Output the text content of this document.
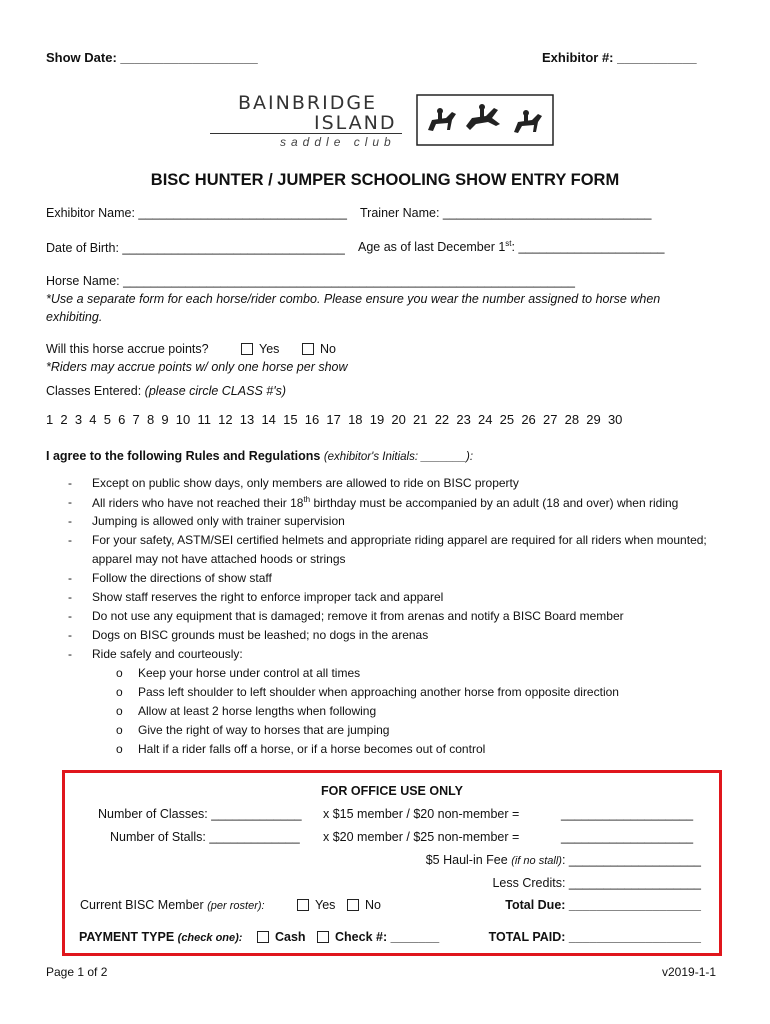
Show Date: ___________________	Exhibitor #: ___________
BAINBRIDGE
ISLAND
saddle club
BISC HUNTER / JUMPER SCHOOLING SHOW ENTRY FORM
Exhibitor Name: ______________________________ Trainer Name: ______________________________
Date of Birth: ________________________________ Age as of last December 1st: _____________________
Horse Name: _________________________________________________________________
*Use a separate form for each horse/rider combo. Please ensure you wear the number assigned to horse when
exhibiting.
Will this horse accrue points?	Yes	No
*Riders may accrue points w/ only one horse per show
Classes Entered: (please circle CLASS #'s)
1 2 3 4 5 6 7 8 9 10 11 12 13 14 15 16 17 18 19 20 21 22 23 24 25 26 27 28 29 30
I agree to the following Rules and Regulations (exhibitor's Initials: _______):
- Except on public show days, only members are allowed to ride on BISC property
- All riders who have not reached their 18th birthday must be accompanied by an adult (18 and over) when riding
- Jumping is allowed only with trainer supervision
- For your safety, ASTM/SEI certified helmets and appropriate riding apparel are required for all riders when mounted;
apparel may not have attached hoods or strings
- Follow the directions of show staff
- Show staff reserves the right to enforce improper tack and apparel
- Do not use any equipment that is damaged; remove it from arenas and notify a BISC Board member
- Dogs on BISC grounds must be leashed; no dogs in the arenas
- Ride safely and courteously:
o Keep your horse under control at all times
o Pass left shoulder to left shoulder when approaching another horse from opposite direction
o Allow at least 2 horse lengths when following
o Give the right of way to horses that are jumping
o Halt if a rider falls off a horse, or if a horse becomes out of control
FOR OFFICE USE ONLY
Number of Classes: _____________ x $15 member / $20 non-member =	___________________
Number of Stalls: _____________ x $20 member / $25 non-member =	___________________
$5 Haul-in Fee (if no stall): ___________________
Less Credits: ___________________
Current BISC Member (per roster):	Yes	No	Total Due: ___________________
PAYMENT TYPE (check one):	Cash	Check #: _______	TOTAL PAID: ___________________
Page 1 of 2	v2019-1-1
